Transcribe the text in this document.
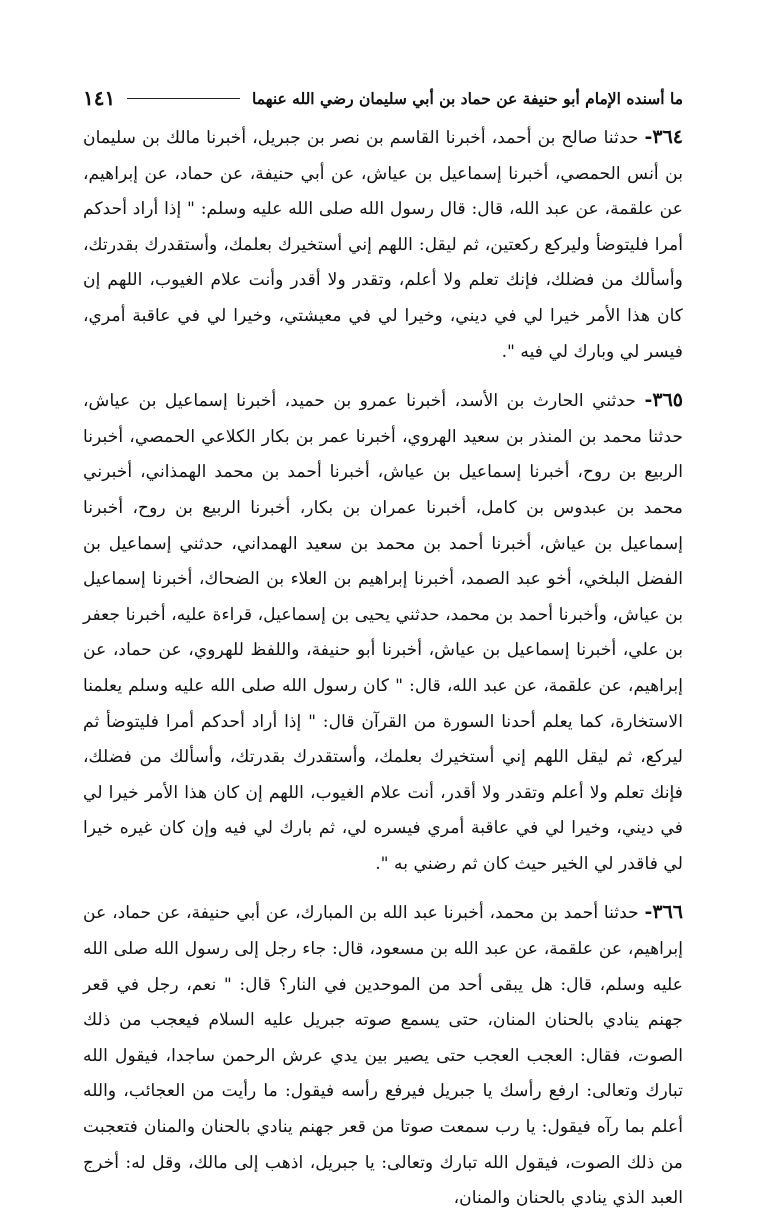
ما أسنده الإمام أبو حنيفة عن حماد بن أبي سليمان رضي الله عنهما
١٤١

٣٦٤- حدثنا صالح بن أحمد، أخبرنا القاسم بن نصر بن جبريل، أخبرنا مالك بن سليمان بن أنس الحمصي، أخبرنا إسماعيل بن عياش، عن أبي حنيفة، عن حماد، عن إبراهيم، عن علقمة، عن عبد الله، قال: قال رسول الله صلى الله عليه وسلم: " إذا أراد أحدكم أمرا فليتوضأ وليركع ركعتين، ثم ليقل: اللهم إني أستخيرك بعلمك، وأستقدرك بقدرتك، وأسألك من فضلك، فإنك تعلم ولا أعلم، وتقدر ولا أقدر وأنت علام الغيوب، اللهم إن كان هذا الأمر خيرا لي في ديني، وخيرا لي في معيشتي، وخيرا لي في عاقبة أمري، فيسر لي وبارك لي فيه ".

٣٦٥- حدثني الحارث بن الأسد، أخبرنا عمرو بن حميد، أخبرنا إسماعيل بن عياش، حدثنا محمد بن المنذر بن سعيد الهروي، أخبرنا عمر بن بكار الكلاعي الحمصي، أخبرنا الربيع بن روح، أخبرنا إسماعيل بن عياش، أخبرنا أحمد بن محمد الهمذاني، أخبرني محمد بن عبدوس بن كامل، أخبرنا عمران بن بكار، أخبرنا الربيع بن روح، أخبرنا إسماعيل بن عياش، أخبرنا أحمد بن محمد بن سعيد الهمداني، حدثني إسماعيل بن الفضل البلخي، أخو عبد الصمد، أخبرنا إبراهيم بن العلاء بن الضحاك، أخبرنا إسماعيل بن عياش، وأخبرنا أحمد بن محمد، حدثني يحيى بن إسماعيل، قراءة عليه، أخبرنا جعفر بن علي، أخبرنا إسماعيل بن عياش، أخبرنا أبو حنيفة، واللفظ للهروي، عن حماد، عن إبراهيم، عن علقمة، عن عبد الله، قال: " كان رسول الله صلى الله عليه وسلم يعلمنا الاستخارة، كما يعلم أحدنا السورة من القرآن قال: " إذا أراد أحدكم أمرا فليتوضأ ثم ليركع، ثم ليقل اللهم إني أستخيرك بعلمك، وأستقدرك بقدرتك، وأسألك من فضلك، فإنك تعلم ولا أعلم وتقدر ولا أقدر، أنت علام الغيوب، اللهم إن كان هذا الأمر خيرا لي في ديني، وخيرا لي في عاقبة أمري فيسره لي، ثم بارك لي فيه وإن كان غيره خيرا لي فاقدر لي الخير حيث كان ثم رضني به ".

٣٦٦- حدثنا أحمد بن محمد، أخبرنا عبد الله بن المبارك، عن أبي حنيفة، عن حماد، عن إبراهيم، عن علقمة، عن عبد الله بن مسعود، قال: جاء رجل إلى رسول الله صلى الله عليه وسلم، قال: هل يبقى أحد من الموحدين في النار؟ قال: " نعم، رجل في قعر جهنم ينادي بالحنان المنان، حتى يسمع صوته جبريل عليه السلام فيعجب من ذلك الصوت، فقال: العجب العجب حتى يصير بين يدي عرش الرحمن ساجدا، فيقول الله تبارك وتعالى: ارفع رأسك يا جبريل فيرفع رأسه فيقول: ما رأيت من العجائب، والله أعلم بما رآه فيقول: يا رب سمعت صوتا من قعر جهنم ينادي بالحنان والمنان فتعجبت من ذلك الصوت، فيقول الله تبارك وتعالى: يا جبريل، اذهب إلى مالك، وقل له: أخرج العبد الذي ينادي بالحنان والمنان،
